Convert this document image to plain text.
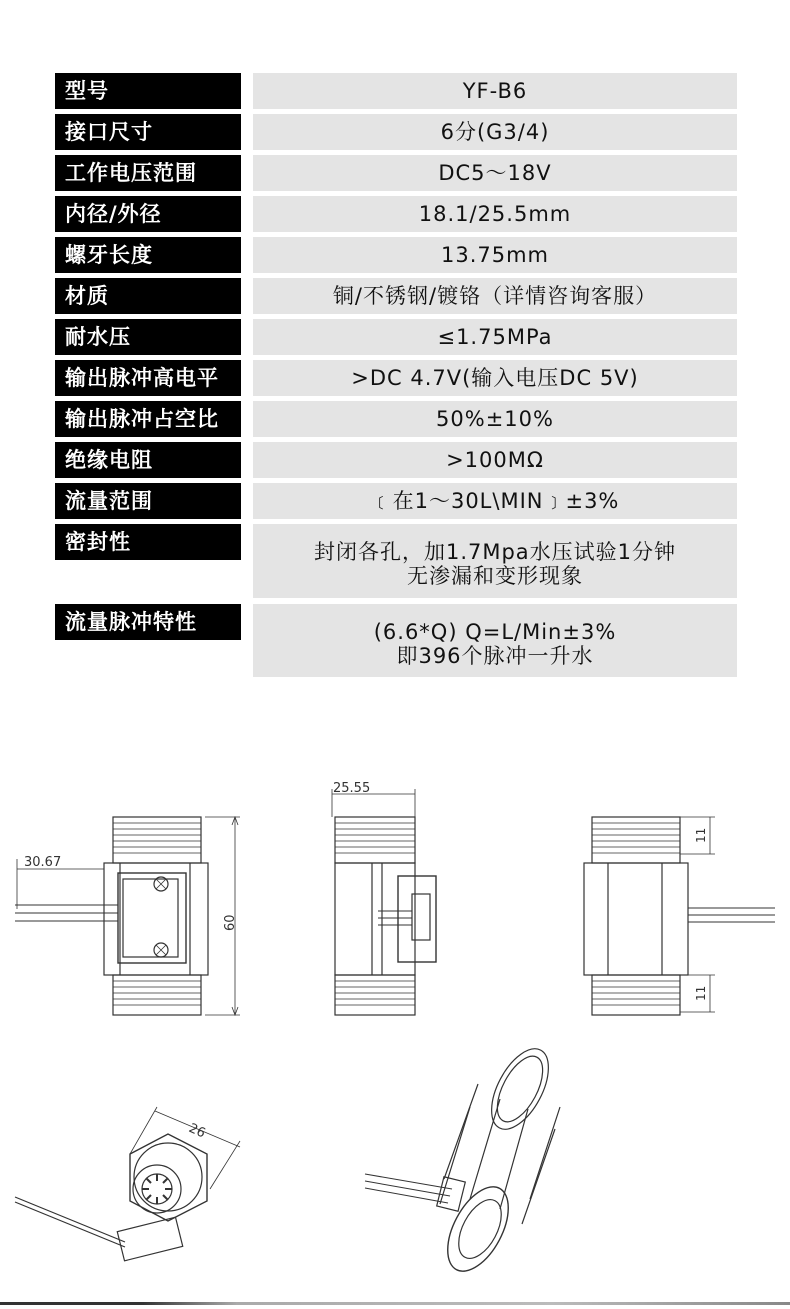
型号	YF-B6
接口尺寸	6分(G3/4)
工作电压范围	DC5～18V
内径/外径	18.1/25.5mm
螺牙长度	13.75mm
材质	铜/不锈钢/镀铬（详情咨询客服）
耐水压	≤1.75MPa
输出脉冲高电平	>DC 4.7V(输入电压DC 5V)
输出脉冲占空比	50%±10%
绝缘电阻	>100MΩ
流量范围	﹝在1～30L\MIN﹞±3%
密封性	封闭各孔，加1.7Mpa水压试验1分钟
无渗漏和变形现象
流量脉冲特性	(6.6*Q) Q=L/Min±3%
即396个脉冲一升水
30.67
60
25.55
11
11
26
